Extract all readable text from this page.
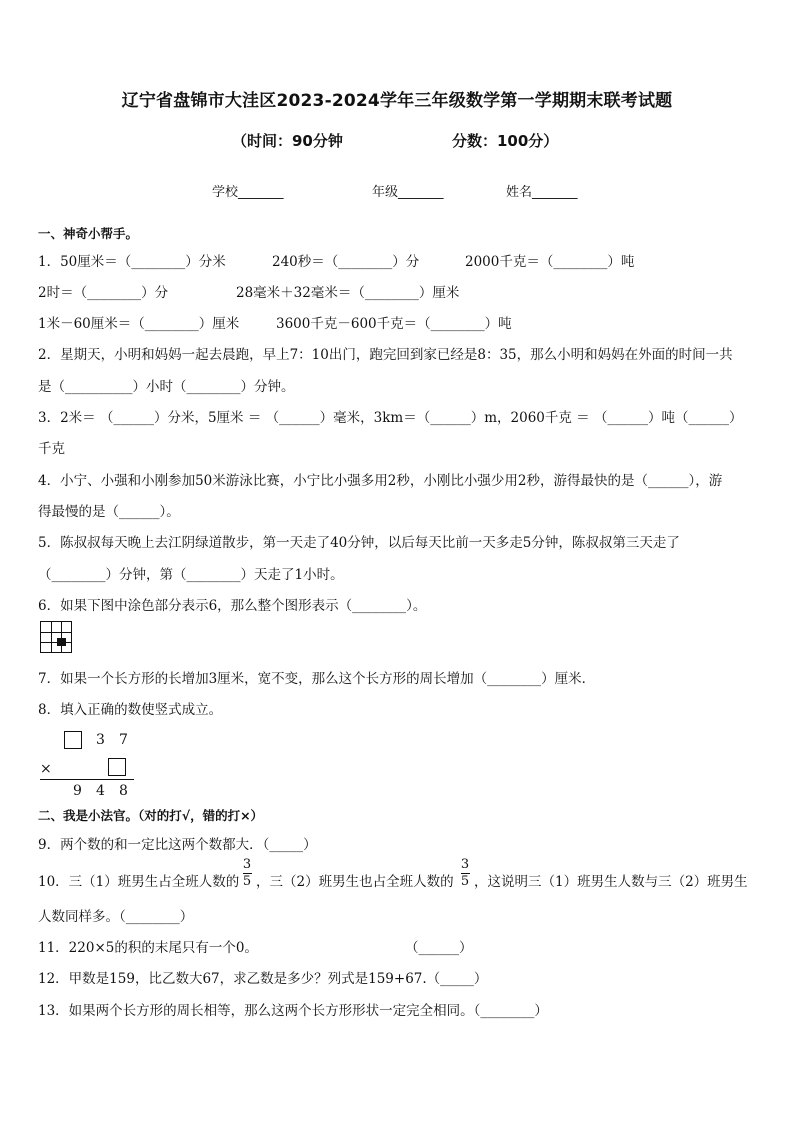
辽宁省盘锦市大洼区2023-2024学年三年级数学第一学期期末联考试题
（时间：90分钟	分数：100分）
学校_______	年级_______	姓名_______
一、神奇小帮手。
1．50厘米＝（________）分米	240秒＝（________）分	2000千克＝（________）吨
2时＝（________）分	28毫米＋32毫米＝（________）厘米
1米－60厘米＝（________）厘米	3600千克－600千克＝（________）吨
2．星期天，小明和妈妈一起去晨跑，早上7：10出门，跑完回到家已经是8：35，那么小明和妈妈在外面的时间一共
是（__________）小时（________）分钟。
3．2米＝ （______）分米，5厘米 ＝ （______）毫米，3km＝（______）m，2060千克 ＝ （______）吨（______）
千克
4．小宁、小强和小刚参加50米游泳比赛，小宁比小强多用2秒，小刚比小强少用2秒，游得最快的是（______），游
得最慢的是（______）。
5．陈叔叔每天晚上去江阴绿道散步，第一天走了40分钟，以后每天比前一天多走5分钟，陈叔叔第三天走了
（________）分钟，第（________）天走了1小时。
6．如果下图中涂色部分表示6，那么整个图形表示（________）。
7．如果一个长方形的长增加3厘米，宽不变，那么这个长方形的周长增加（________）厘米．
8．填入正确的数使竖式成立。
3 7
×
9 4 8
二、我是小法官。（对的打√，错的打×）
9．两个数的和一定比这两个数都大．（_____）
10．三（1）班男生占全班人数的
3
5 ，三（2）班男生也占全班人数的
3
5 ，这说明三（1）班男生人数与三（2）班男生
人数同样多。（________）
11．220×5的积的末尾只有一个0。	（______）
12．甲数是159，比乙数大67，求乙数是多少？列式是159+67.（_____）
13．如果两个长方形的周长相等，那么这两个长方形形状一定完全相同。（________）
